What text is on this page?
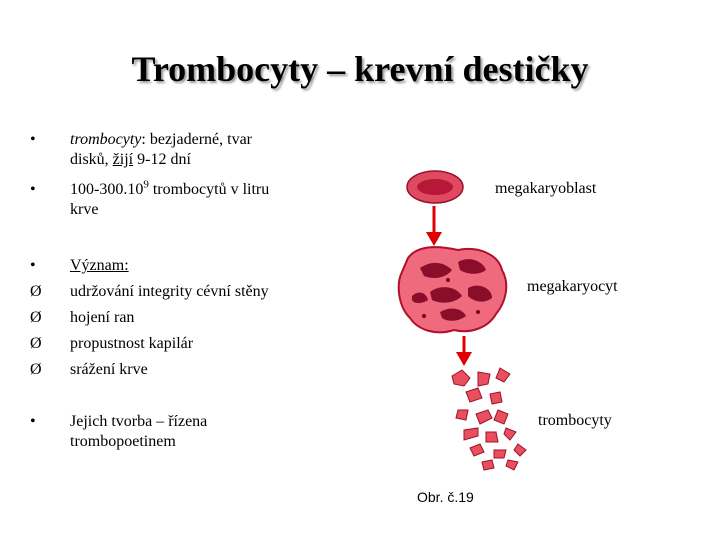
Trombocyty – krevní destičky
•	trombocyty: bezjaderné, tvar
disků, žijí 9-12 dní
•	100-300.10$^9$ trombocytů v litru
krve
•	Význam:
Ø	udržování integrity cévní stěny
Ø	hojení ran
Ø	propustnost kapilár
Ø	srážení krve
•	Jejich tvorba – řízena
trombopoetinem
megakaryoblast
megakaryocyt
trombocyty
Obr. č.19
